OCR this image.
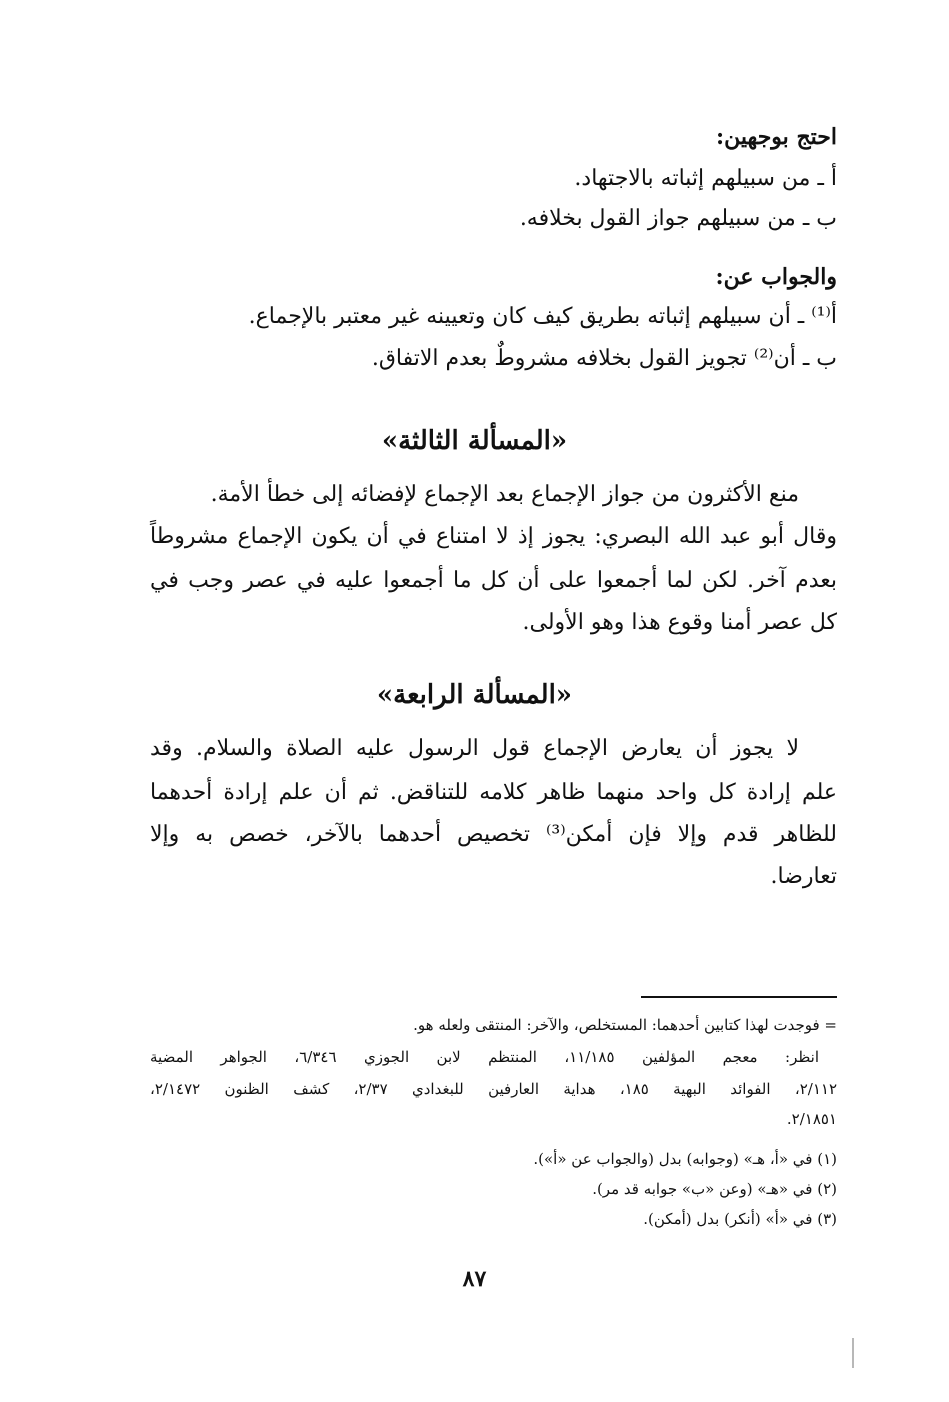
احتج بوجهين:
أ ـ من سبيلهم إثباته بالاجتهاد.
ب ـ من سبيلهم جواز القول بخلافه.
والجواب عن:
أ⁽¹⁾ ـ أن سبيلهم إثباته بطريق كيف كان وتعيينه غير معتبر بالإجماع.
ب ـ أن⁽²⁾ تجويز القول بخلافه مشروطٌ بعدم الاتفاق.
«المسألة الثالثة»
منع الأكثرون من جواز الإجماع بعد الإجماع لإفضائه إلى خطأ الأمة.
وقال أبو عبد الله البصري: يجوز إذ لا امتناع في أن يكون الإجماع مشروطاً
بعدم آخر. لكن لما أجمعوا على أن كل ما أجمعوا عليه في عصر وجب في
كل عصر أمنا وقوع هذا وهو الأولى.
«المسألة الرابعة»
لا يجوز أن يعارض الإجماع قول الرسول عليه الصلاة والسلام. وقد
علم إرادة كل واحد منهما ظاهر كلامه للتناقض. ثم أن علم إرادة أحدهما
للظاهر قدم وإلا فإن أمكن⁽³⁾ تخصيص أحدهما بالآخر، خصص به وإلا
تعارضا.
= فوجدت لهذا كتابين أحدهما: المستخلص، والآخر: المنتقى ولعله هو.
انظر: معجم المؤلفين ١١/١٨٥، المنتظم لابن الجوزي ٦/٣٤٦، الجواهر المضية
٢/١١٢، الفوائد البهية ١٨٥، هداية العارفين للبغدادي ٢/٣٧، كشف الظنون ٢/١٤٧٢،
٢/١٨٥١.
(١) في «أ، هـ» (وجوابه) بدل (والجواب عن «أ»).
(٢) في «هـ» (وعن «ب» جوابه قد مر).
(٣) في «أ» (أنكر) بدل (أمكن).
٨٧
